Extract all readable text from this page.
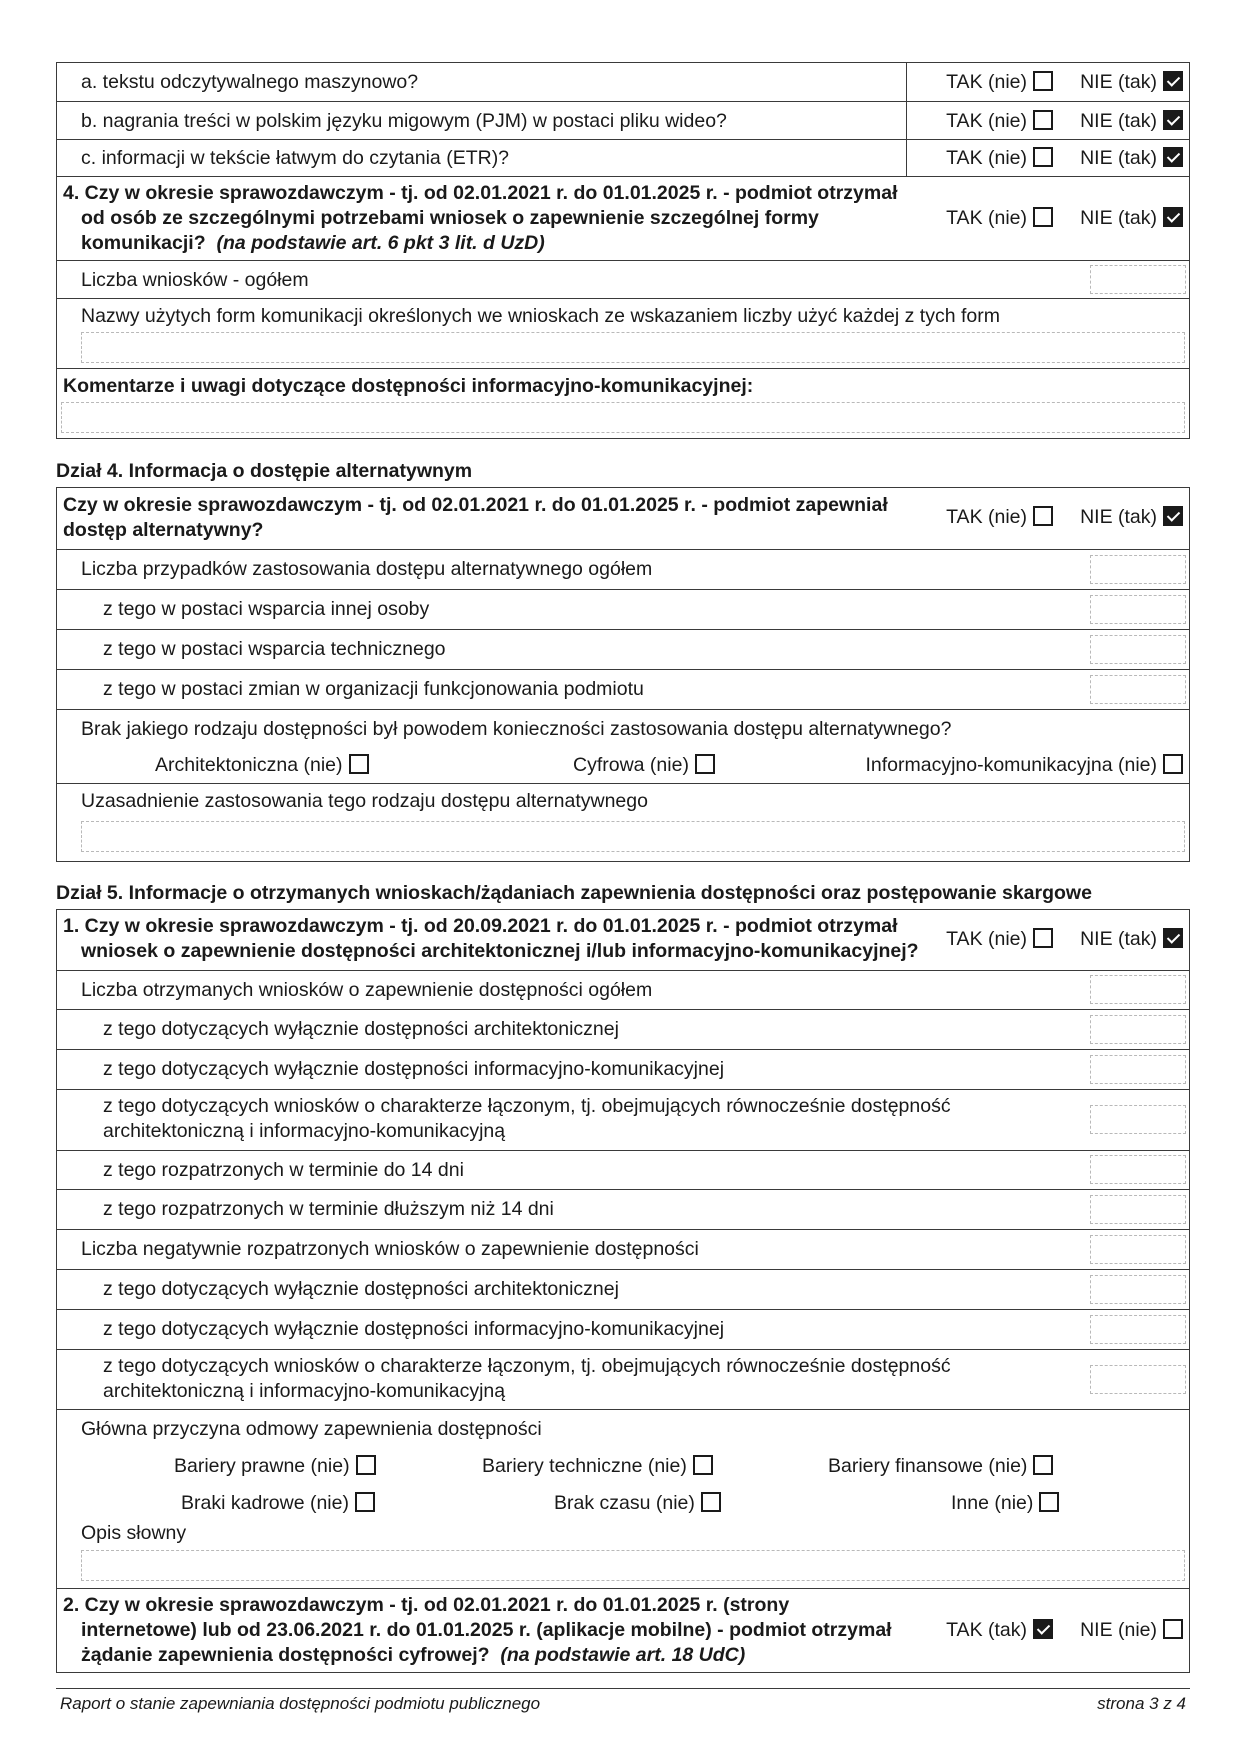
a. tekstu odczytywalnego maszynowo?	TAK (nie)	NIE (tak)
b. nagrania treści w polskim języku migowym (PJM) w postaci pliku wideo?	TAK (nie)	NIE (tak)
c. informacji w tekście łatwym do czytania (ETR)?	TAK (nie)	NIE (tak)
4. Czy w okresie sprawozdawczym - tj. od 02.01.2021 r. do 01.01.2025 r. - podmiot otrzymał
od osób ze szczególnymi potrzebami wniosek o zapewnienie szczególnej formy
komunikacji? (na podstawie art. 6 pkt 3 lit. d UzD)
TAK (nie)	NIE (tak)
Liczba wniosków - ogółem
Nazwy użytych form komunikacji określonych we wnioskach ze wskazaniem liczby użyć każdej z tych form
Komentarze i uwagi dotyczące dostępności informacyjno-komunikacyjnej:
Dział 4. Informacja o dostępie alternatywnym
Czy w okresie sprawozdawczym - tj. od 02.01.2021 r. do 01.01.2025 r. - podmiot zapewniał
dostęp alternatywny?
TAK (nie)	NIE (tak)
Liczba przypadków zastosowania dostępu alternatywnego ogółem
z tego w postaci wsparcia innej osoby
z tego w postaci wsparcia technicznego
z tego w postaci zmian w organizacji funkcjonowania podmiotu
Brak jakiego rodzaju dostępności był powodem konieczności zastosowania dostępu alternatywnego?
Architektoniczna (nie)	Cyfrowa (nie)	Informacyjno-komunikacyjna (nie)
Uzasadnienie zastosowania tego rodzaju dostępu alternatywnego
Dział 5. Informacje o otrzymanych wnioskach/żądaniach zapewnienia dostępności oraz postępowanie skargowe
1. Czy w okresie sprawozdawczym - tj. od 20.09.2021 r. do 01.01.2025 r. - podmiot otrzymał
wniosek o zapewnienie dostępności architektonicznej i/lub informacyjno-komunikacyjnej?
TAK (nie)	NIE (tak)
Liczba otrzymanych wniosków o zapewnienie dostępności ogółem
z tego dotyczących wyłącznie dostępności architektonicznej
z tego dotyczących wyłącznie dostępności informacyjno-komunikacyjnej
z tego dotyczących wniosków o charakterze łączonym, tj. obejmujących równocześnie dostępność
architektoniczną i informacyjno-komunikacyjną
z tego rozpatrzonych w terminie do 14 dni
z tego rozpatrzonych w terminie dłuższym niż 14 dni
Liczba negatywnie rozpatrzonych wniosków o zapewnienie dostępności
z tego dotyczących wyłącznie dostępności architektonicznej
z tego dotyczących wyłącznie dostępności informacyjno-komunikacyjnej
z tego dotyczących wniosków o charakterze łączonym, tj. obejmujących równocześnie dostępność
architektoniczną i informacyjno-komunikacyjną
Główna przyczyna odmowy zapewnienia dostępności
Bariery prawne (nie)	Bariery techniczne (nie)	Bariery finansowe (nie)
Braki kadrowe (nie)	Brak czasu (nie)	Inne (nie)
Opis słowny
2. Czy w okresie sprawozdawczym - tj. od 02.01.2021 r. do 01.01.2025 r. (strony
internetowe) lub od 23.06.2021 r. do 01.01.2025 r. (aplikacje mobilne) - podmiot otrzymał
żądanie zapewnienia dostępności cyfrowej? (na podstawie art. 18 UdC)
TAK (tak)	NIE (nie)
Raport o stanie zapewniania dostępności podmiotu publicznego	strona 3 z 4
